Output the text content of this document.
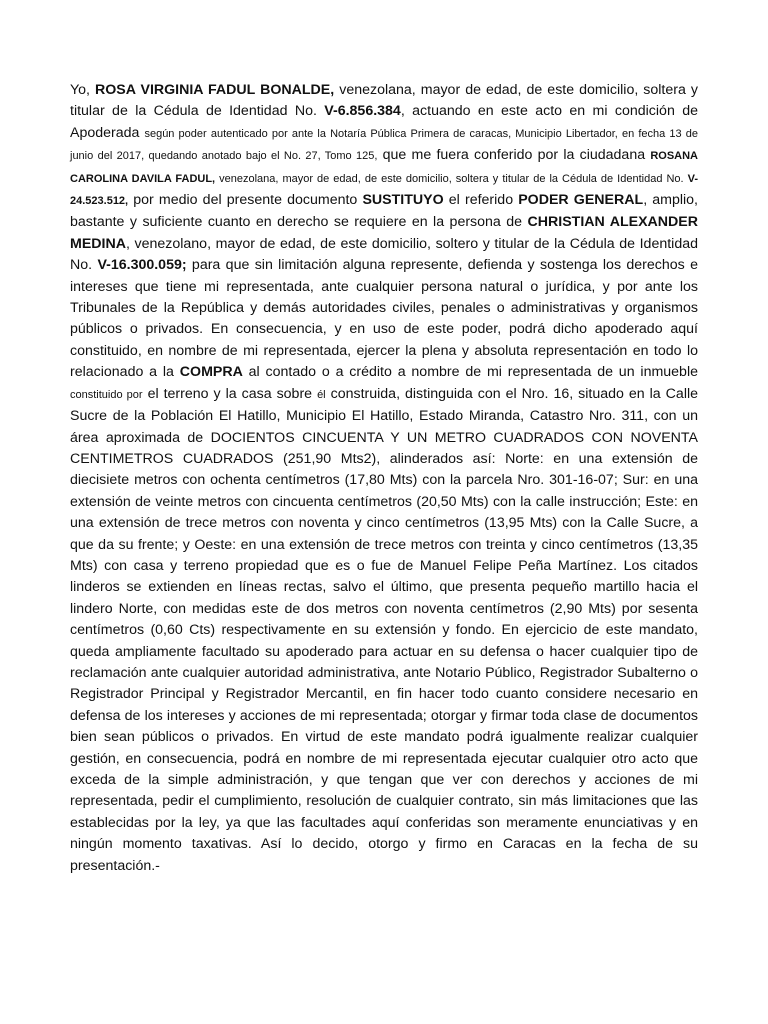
Yo, ROSA VIRGINIA FADUL BONALDE, venezolana, mayor de edad, de este domicilio, soltera y titular de la Cédula de Identidad No. V-6.856.384, actuando en este acto en mi condición de Apoderada según poder autenticado por ante la Notaría Pública Primera de caracas, Municipio Libertador, en fecha 13 de junio del 2017, quedando anotado bajo el No. 27, Tomo 125, que me fuera conferido por la ciudadana ROSANA CAROLINA DAVILA FADUL, venezolana, mayor de edad, de este domicilio, soltera y titular de la Cédula de Identidad No. V-24.523.512, por medio del presente documento SUSTITUYO el referido PODER GENERAL, amplio, bastante y suficiente cuanto en derecho se requiere en la persona de CHRISTIAN ALEXANDER MEDINA, venezolano, mayor de edad, de este domicilio, soltero y titular de la Cédula de Identidad No. V-16.300.059; para que sin limitación alguna represente, defienda y sostenga los derechos e intereses que tiene mi representada, ante cualquier persona natural o jurídica, y por ante los Tribunales de la República y demás autoridades civiles, penales o administrativas y organismos públicos o privados. En consecuencia, y en uso de este poder, podrá dicho apoderado aquí constituido, en nombre de mi representada, ejercer la plena y absoluta representación en todo lo relacionado a la COMPRA al contado o a crédito a nombre de mi representada de un inmueble constituido por el terreno y la casa sobre él construida, distinguida con el Nro. 16, situado en la Calle Sucre de la Población El Hatillo, Municipio El Hatillo, Estado Miranda, Catastro Nro. 311, con un área aproximada de DOCIENTOS CINCUENTA Y UN METRO CUADRADOS CON NOVENTA CENTIMETROS CUADRADOS (251,90 Mts2), alinderados así: Norte: en una extensión de diecisiete metros con ochenta centímetros (17,80 Mts) con la parcela Nro. 301-16-07; Sur: en una extensión de veinte metros con cincuenta centímetros (20,50 Mts) con la calle instrucción; Este: en una extensión de trece metros con noventa y cinco centímetros (13,95 Mts) con la Calle Sucre, a que da su frente; y Oeste: en una extensión de trece metros con treinta y cinco centímetros (13,35 Mts) con casa y terreno propiedad que es o fue de Manuel Felipe Peña Martínez. Los citados linderos se extienden en líneas rectas, salvo el último, que presenta pequeño martillo hacia el lindero Norte, con medidas este de dos metros con noventa centímetros (2,90 Mts) por sesenta centímetros (0,60 Cts) respectivamente en su extensión y fondo. En ejercicio de este mandato, queda ampliamente facultado su apoderado para actuar en su defensa o hacer cualquier tipo de reclamación ante cualquier autoridad administrativa, ante Notario Público, Registrador Subalterno o Registrador Principal y Registrador Mercantil, en fin hacer todo cuanto considere necesario en defensa de los intereses y acciones de mi representada; otorgar y firmar toda clase de documentos bien sean públicos o privados. En virtud de este mandato podrá igualmente realizar cualquier gestión, en consecuencia, podrá en nombre de mi representada ejecutar cualquier otro acto que exceda de la simple administración, y que tengan que ver con derechos y acciones de mi representada, pedir el cumplimiento, resolución de cualquier contrato, sin más limitaciones que las establecidas por la ley, ya que las facultades aquí conferidas son meramente enunciativas y en ningún momento taxativas. Así lo decido, otorgo y firmo en Caracas en la fecha de su presentación.-
